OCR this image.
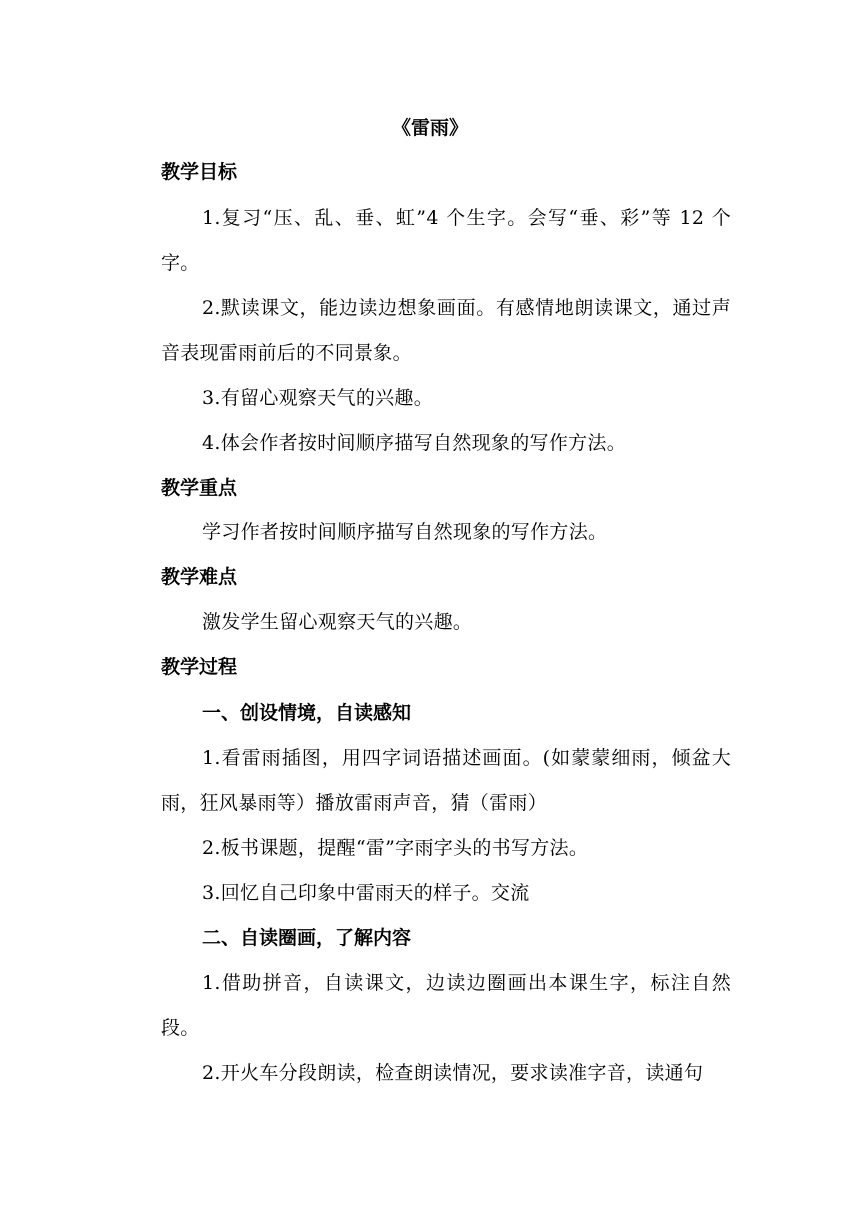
《雷雨》
教学目标

1.复习“压、乱、垂、虹”4 个生字。会写“垂、彩”等 12 个字。

2.默读课文，能边读边想象画面。有感情地朗读课文，通过声音表现雷雨前后的不同景象。

3.有留心观察天气的兴趣。

4.体会作者按时间顺序描写自然现象的写作方法。

教学重点

学习作者按时间顺序描写自然现象的写作方法。

教学难点

激发学生留心观察天气的兴趣。

教学过程
一、创设情境，自读感知

1.看雷雨插图，用四字词语描述画面。(如蒙蒙细雨，倾盆大雨，狂风暴雨等）播放雷雨声音，猜（雷雨）

2.板书课题，提醒“雷”字雨字头的书写方法。

3.回忆自己印象中雷雨天的样子。交流

二、自读圈画，了解内容

1.借助拼音，自读课文，边读边圈画出本课生字，标注自然段。

2.开火车分段朗读，检查朗读情况，要求读准字音，读通句
